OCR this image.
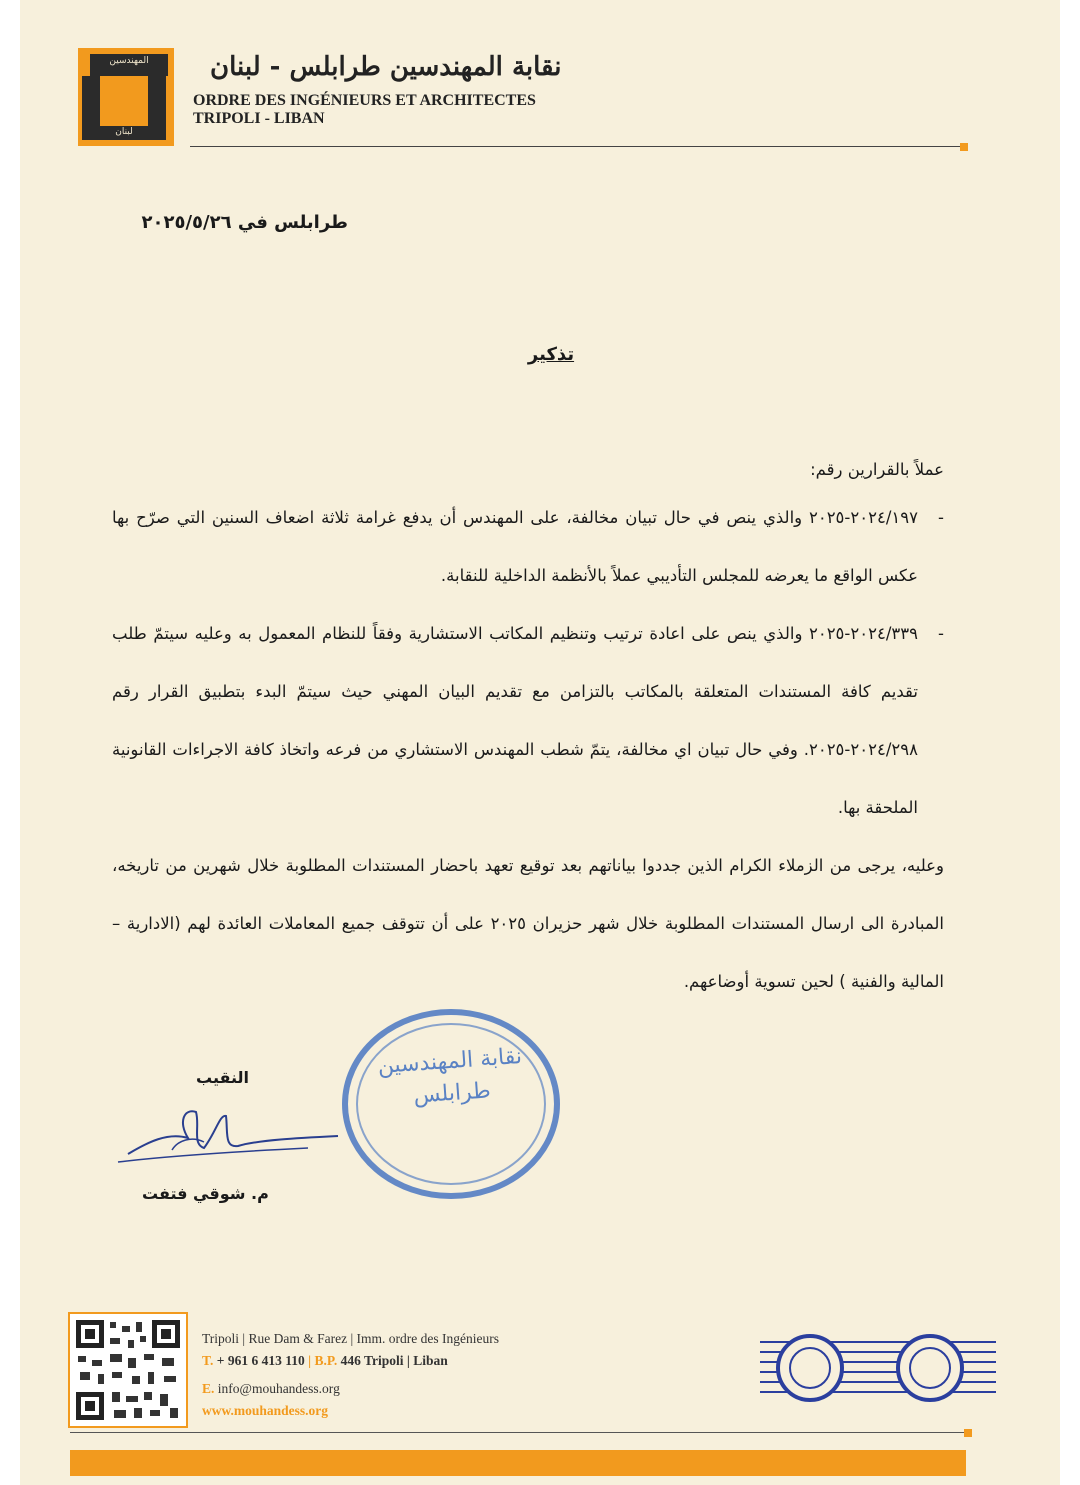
المهندسين
لبنان
نقابة المهندسين طرابلس - لبنان
ORDRE DES INGÉNIEURS ET ARCHITECTES
TRIPOLI - LIBAN
طرابلس في ٢٠٢٥/٥/٢٦
تذكير
عملاً بالقرارين رقم:
-
٢٠٢٤/١٩٧-٢٠٢٥ والذي ينص في حال تبيان مخالفة، على المهندس أن يدفع غرامة ثلاثة اضعاف السنين التي صرّح بها عكس الواقع ما يعرضه للمجلس التأديبي عملاً بالأنظمة الداخلية للنقابة.
-
٢٠٢٤/٣٣٩-٢٠٢٥ والذي ينص على اعادة ترتيب وتنظيم المكاتب الاستشارية وفقاً للنظام المعمول به وعليه سيتمّ طلب تقديم كافة المستندات المتعلقة بالمكاتب بالتزامن مع تقديم البيان المهني حيث سيتمّ البدء بتطبيق القرار رقم ٢٠٢٤/٢٩٨-٢٠٢٥. وفي حال تبيان اي مخالفة، يتمّ شطب المهندس الاستشاري من فرعه واتخاذ كافة الاجراءات القانونية الملحقة بها.
وعليه، يرجى من الزملاء الكرام الذين جددوا بياناتهم بعد توقيع تعهد باحضار المستندات المطلوبة خلال شهرين من تاريخه، المبادرة الى ارسال المستندات المطلوبة خلال شهر حزيران ٢٠٢٥ على أن تتوقف جميع المعاملات العائدة لهم (الادارية – المالية والفنية ) لحين تسوية أوضاعهم.
النقيب
م. شوقي فتفت
نقابة المهندسين طرابلس
Tripoli | Rue Dam & Farez | Imm. ordre des Ingénieurs
T. + 961 6 413 110 | B.P. 446 Tripoli | Liban
E. info@mouhandess.org
www.mouhandess.org
